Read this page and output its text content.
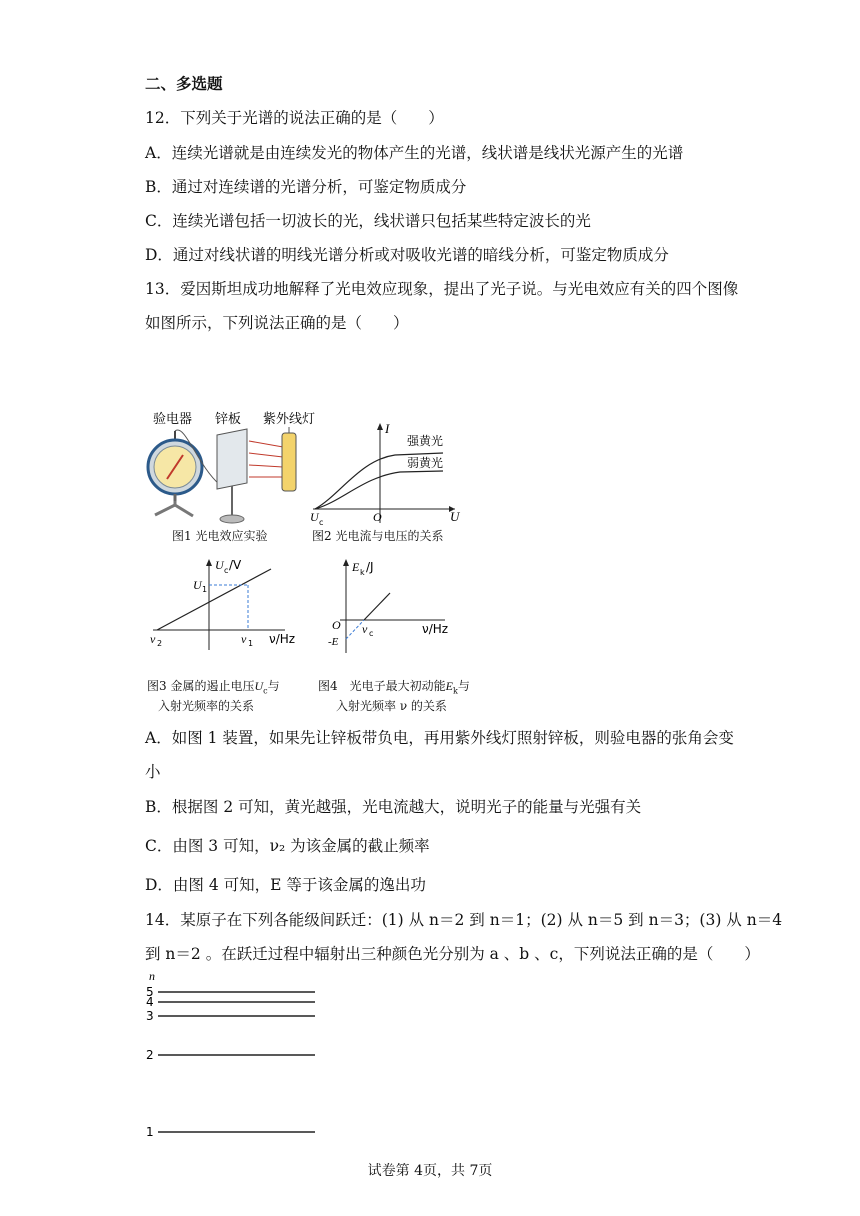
二、多选题
12．下列关于光谱的说法正确的是（　　）
A．连续光谱就是由连续发光的物体产生的光谱，线状谱是线状光源产生的光谱
B．通过对连续谱的光谱分析，可鉴定物质成分
C．连续光谱包括一切波长的光，线状谱只包括某些特定波长的光
D．通过对线状谱的明线光谱分析或对吸收光谱的暗线分析，可鉴定物质成分
13．爱因斯坦成功地解释了光电效应现象，提出了光子说。与光电效应有关的四个图像
如图所示，下列说法正确的是（　　）
验电器 锌板 紫外线灯
图1 光电效应实验
I
U
U c	O
强黄光
弱黄光
图2 光电流与电压的关系
U c /V
U 1
ν 2	ν 1 ν/Hz
图3 金属的遏止电压$U_c$与
入射光频率的关系
E k /J
O
-E
ν c	ν/Hz
图4　光电子最大初动能$E_k$与
入射光频率 ν 的关系
A．如图 1 装置，如果先让锌板带负电，再用紫外线灯照射锌板，则验电器的张角会变
小
B．根据图 2 可知，黄光越强，光电流越大，说明光子的能量与光强有关
C．由图 3 可知，ν₂ 为该金属的截止频率
D．由图 4 可知，E 等于该金属的逸出功
14．某原子在下列各能级间跃迁：(1) 从 n＝2 到 n＝1；(2) 从 n＝5 到 n＝3；(3) 从 n＝4
到 n＝2 。在跃迁过程中辐射出三种颜色光分别为 a 、b 、c，下列说法正确的是（　　）
n
5
4
3
2
1
试卷第 4页，共 7页
